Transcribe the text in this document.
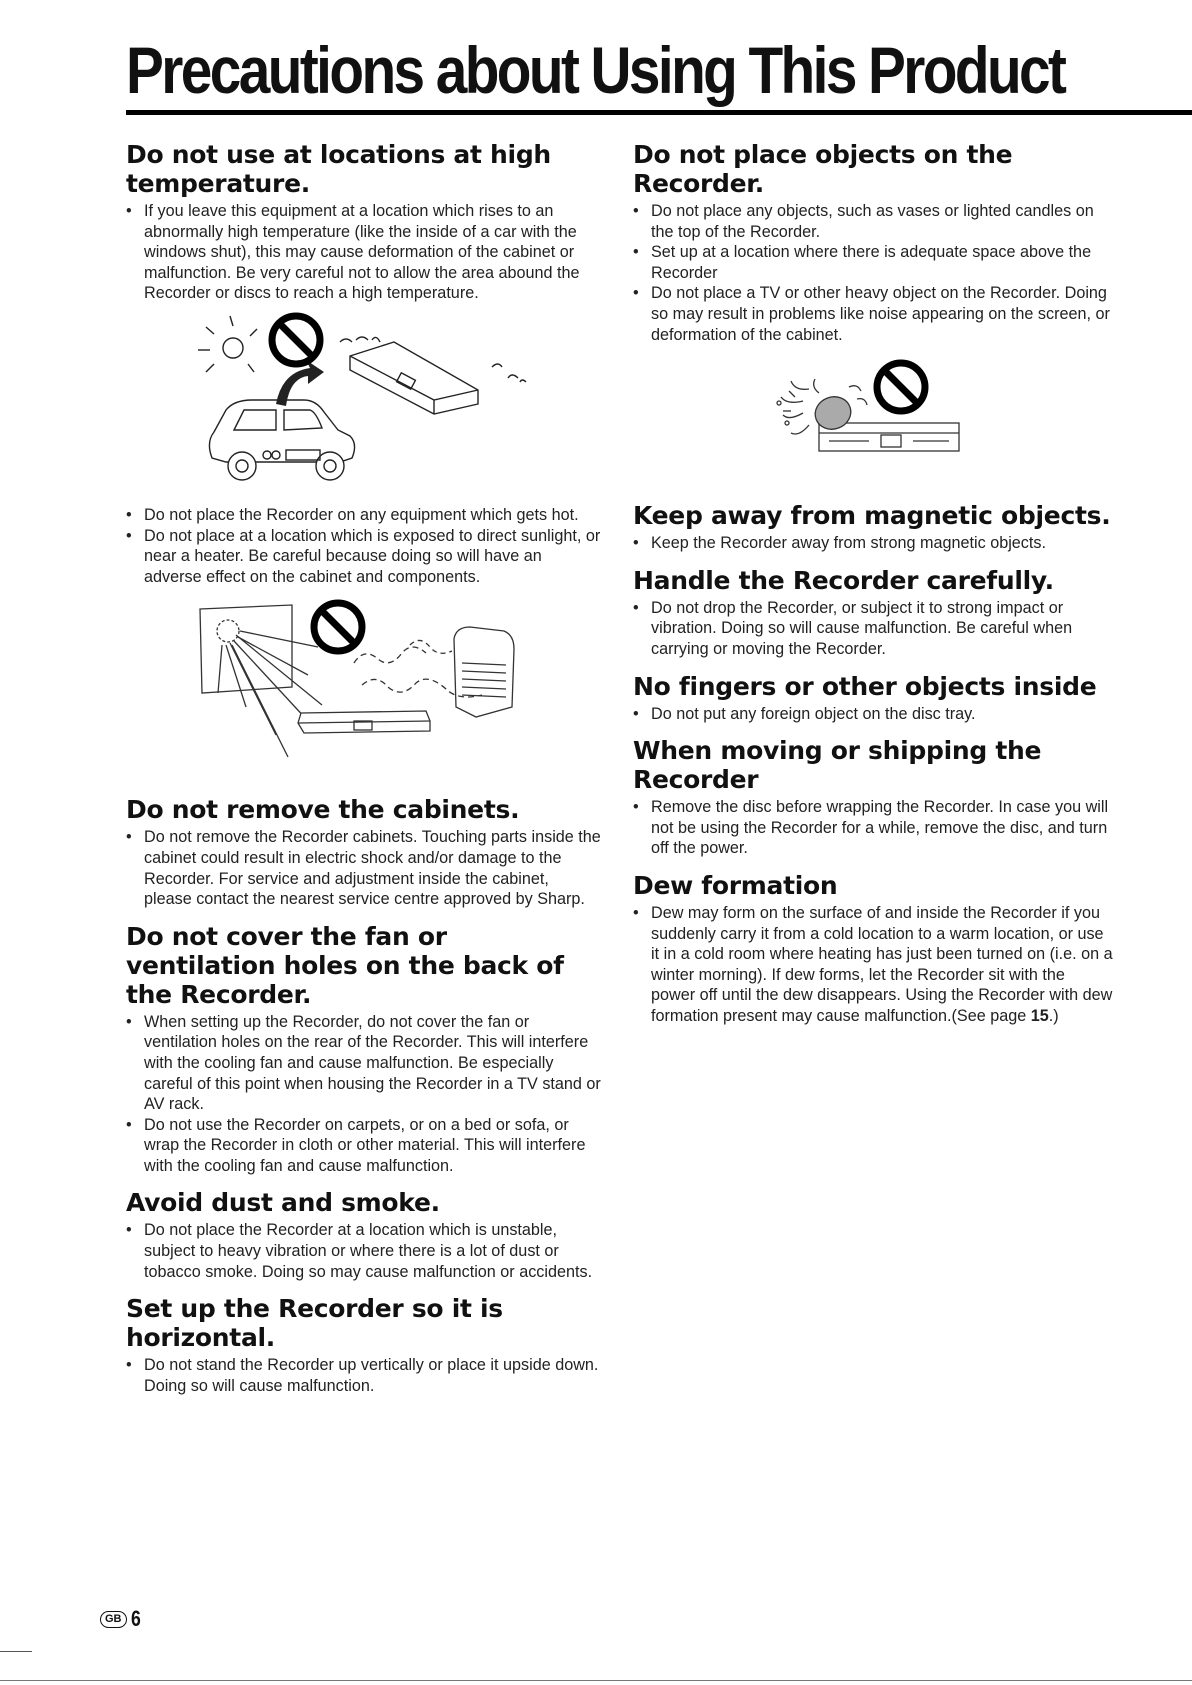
Precautions about Using This Product
Do not use at locations at high temperature.
• If you leave this equipment at a location which rises to an abnormally high temperature (like the inside of a car with the windows shut), this may cause deformation of the cabinet or malfunction. Be very careful not to allow the area abound the Recorder or discs to reach a high temperature.
• Do not place the Recorder on any equipment which gets hot.
• Do not place at a location which is exposed to direct sunlight, or near a heater. Be careful because doing so will have an adverse effect on the cabinet and components.
Do not remove the cabinets.
• Do not remove the Recorder cabinets. Touching parts inside the cabinet could result in electric shock and/or damage to the Recorder. For service and adjustment inside the cabinet, please contact the nearest service centre approved by Sharp.
Do not cover the fan or ventilation holes on the back of the Recorder.
• When setting up the Recorder, do not cover the fan or ventilation holes on the rear of the Recorder. This will interfere with the cooling fan and cause malfunction. Be especially careful of this point when housing the Recorder in a TV stand or AV rack.
• Do not use the Recorder on carpets, or on a bed or sofa, or wrap the Recorder in cloth or other material. This will interfere with the cooling fan and cause malfunction.
Avoid dust and smoke.
• Do not place the Recorder at a location which is unstable, subject to heavy vibration or where there is a lot of dust or tobacco smoke. Doing so may cause malfunction or accidents.
Set up the Recorder so it is horizontal.
• Do not stand the Recorder up vertically or place it upside down. Doing so will cause malfunction.
Do not place objects on the Recorder.
• Do not place any objects, such as vases or lighted candles on the top of the Recorder.
• Set up at a location where there is adequate space above the Recorder
• Do not place a TV or other heavy object on the Recorder. Doing so may result in problems like noise appearing on the screen, or deformation of the cabinet.
Keep away from magnetic objects.
• Keep the Recorder away from strong magnetic objects.
Handle the Recorder carefully.
• Do not drop the Recorder, or subject it to strong impact or vibration. Doing so will cause malfunction. Be careful when carrying or moving the Recorder.
No fingers or other objects inside
• Do not put any foreign object on the disc tray.
When moving or shipping the Recorder
• Remove the disc before wrapping the Recorder. In case you will not be using the Recorder for a while, remove the disc, and turn off the power.
Dew formation
• Dew may form on the surface of and inside the Recorder if you suddenly carry it from a cold location to a warm location, or use it in a cold room where heating has just been turned on (i.e. on a winter morning). If dew forms, let the Recorder sit with the power off until the dew disappears. Using the Recorder with dew formation present may cause malfunction.(See page 15.)
GB 6
